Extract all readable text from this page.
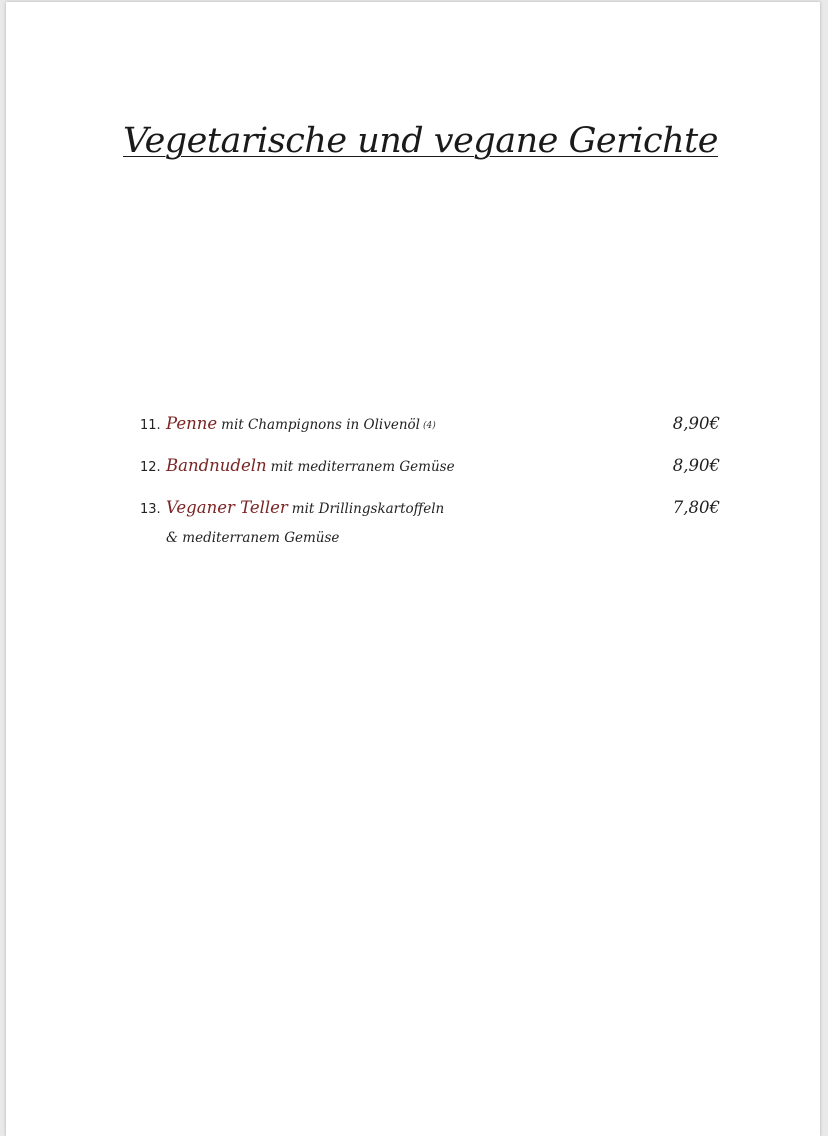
Vegetarische und vegane Gerichte
11. Penne mit Champignons in Olivenöl (4)	8,90€
12. Bandnudeln mit mediterranem Gemüse	8,90€
13. Veganer Teller mit Drillingskartoffeln	7,80€
& mediterranem Gemüse
